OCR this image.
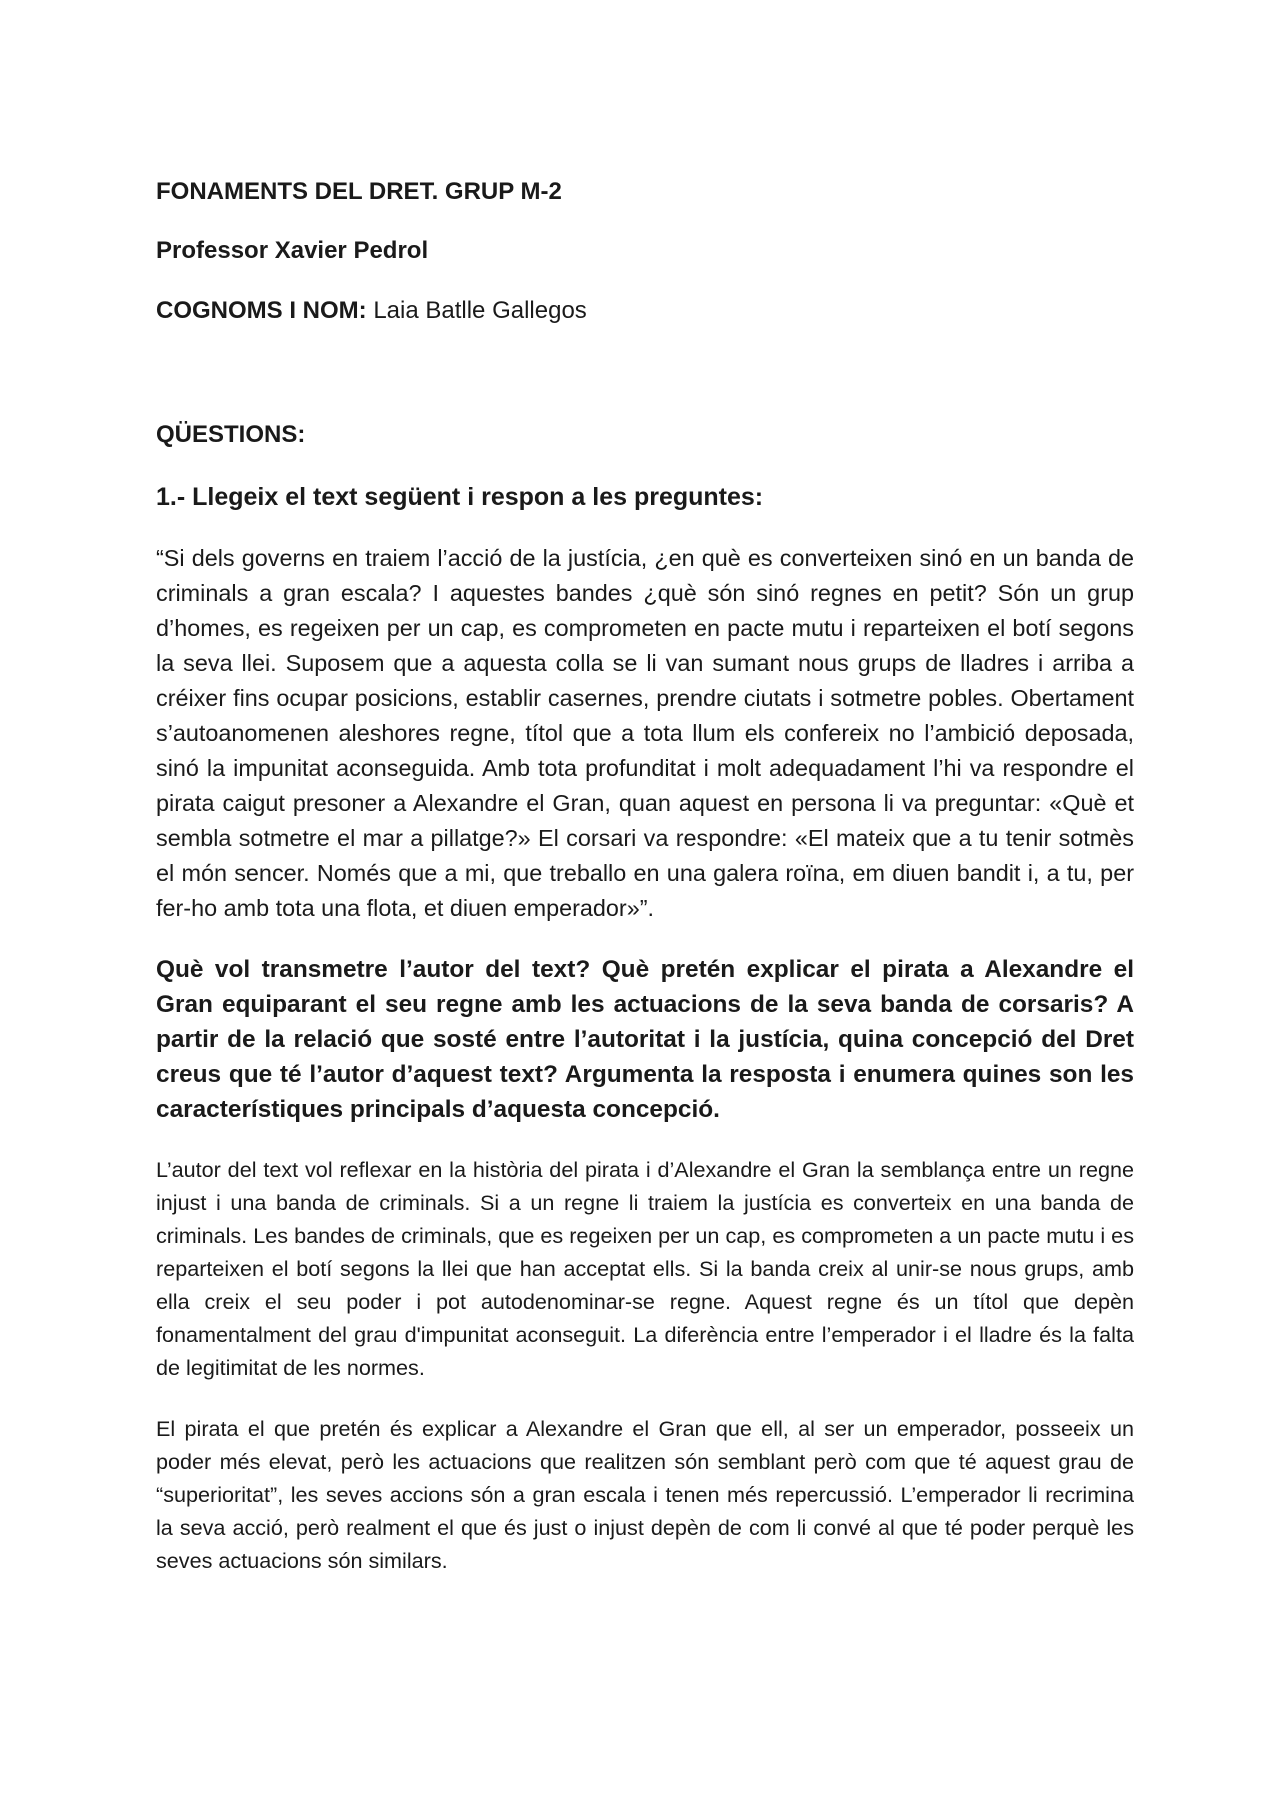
FONAMENTS DEL DRET. GRUP M-2

Professor Xavier Pedrol

COGNOMS I NOM: Laia Batlle Gallegos

QÜESTIONS:

1.- Llegeix el text següent i respon a les preguntes:

“Si dels governs en traiem l’acció de la justícia, ¿en què es converteixen sinó en un banda de criminals a gran escala? I aquestes bandes ¿què són sinó regnes en petit? Són un grup d’homes, es regeixen per un cap, es comprometen en pacte mutu i reparteixen el botí segons la seva llei. Suposem que a aquesta colla se li van sumant nous grups de lladres i arriba a créixer fins ocupar posicions, establir casernes, prendre ciutats i sotmetre pobles. Obertament s’autoanomenen aleshores regne, títol que a tota llum els confereix no l’ambició deposada, sinó la impunitat aconseguida. Amb tota profunditat i molt adequadament l’hi va respondre el pirata caigut presoner a Alexandre el Gran, quan aquest en persona li va preguntar: «Què et sembla sotmetre el mar a pillatge?» El corsari va respondre: «El mateix que a tu tenir sotmès el món sencer. Només que a mi, que treballo en una galera roïna, em diuen bandit i, a tu, per fer-ho amb tota una flota, et diuen emperador»”.

Què vol transmetre l’autor del text? Què pretén explicar el pirata a Alexandre el Gran equiparant el seu regne amb les actuacions de la seva banda de corsaris? A partir de la relació que sosté entre l’autoritat i la justícia, quina concepció del Dret creus que té l’autor d’aquest text? Argumenta la resposta i enumera quines son les característiques principals d’aquesta concepció.

L’autor del text vol reflexar en la història del pirata i d’Alexandre el Gran la semblança entre un regne injust i una banda de criminals. Si a un regne li traiem la justícia es converteix en una banda de criminals. Les bandes de criminals, que es regeixen per un cap, es comprometen a un pacte mutu i es reparteixen el botí segons la llei que han acceptat ells. Si la banda creix al unir-se nous grups, amb ella creix el seu poder i pot autodenominar-se regne. Aquest regne és un títol que depèn fonamentalment del grau d'impunitat aconseguit. La diferència entre l’emperador i el lladre és la falta de legitimitat de les normes.

El pirata el que pretén és explicar a Alexandre el Gran que ell, al ser un emperador, posseeix un poder més elevat, però les actuacions que realitzen són semblant però com que té aquest grau de “superioritat”, les seves accions són a gran escala i tenen més repercussió. L’emperador li recrimina la seva acció, però realment el que és just o injust depèn de com li convé al que té poder perquè les seves actuacions són similars.
